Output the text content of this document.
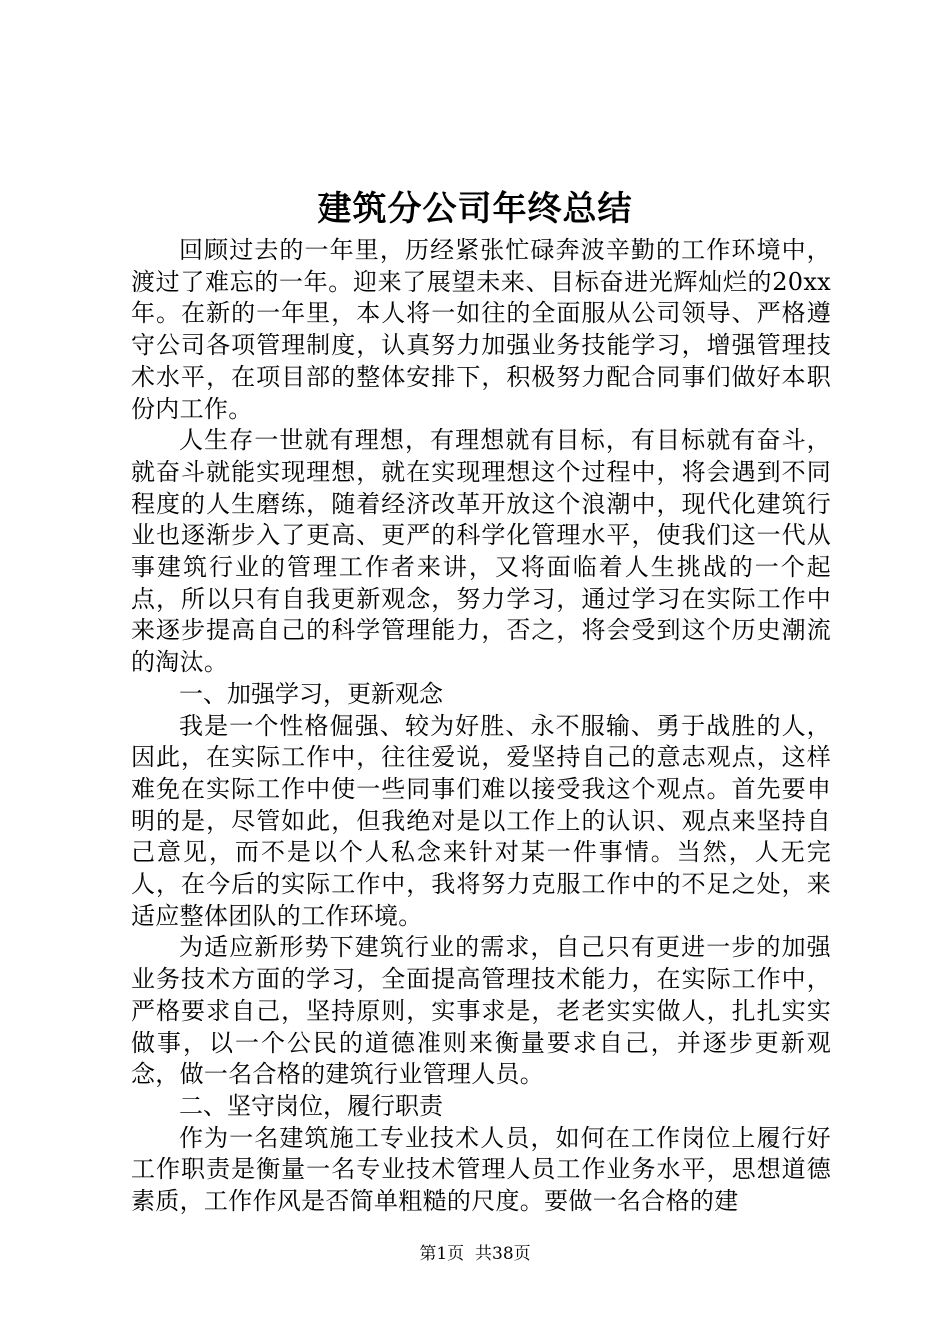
建筑分公司年终总结

回顾过去的一年里，历经紧张忙碌奔波辛勤的工作环境中，渡过了难忘的一年。迎来了展望未来、目标奋进光辉灿烂的20xx年。在新的一年里，本人将一如往的全面服从公司领导、严格遵守公司各项管理制度，认真努力加强业务技能学习，增强管理技术水平，在项目部的整体安排下，积极努力配合同事们做好本职份内工作。

人生存一世就有理想，有理想就有目标，有目标就有奋斗，就奋斗就能实现理想，就在实现理想这个过程中，将会遇到不同程度的人生磨练，随着经济改革开放这个浪潮中，现代化建筑行业也逐渐步入了更高、更严的科学化管理水平，使我们这一代从事建筑行业的管理工作者来讲，又将面临着人生挑战的一个起点，所以只有自我更新观念，努力学习，通过学习在实际工作中来逐步提高自己的科学管理能力，否之，将会受到这个历史潮流的淘汰。

一、加强学习，更新观念

我是一个性格倔强、较为好胜、永不服输、勇于战胜的人，因此，在实际工作中，往往爱说，爱坚持自己的意志观点，这样难免在实际工作中使一些同事们难以接受我这个观点。首先要申明的是，尽管如此，但我绝对是以工作上的认识、观点来坚持自己意见，而不是以个人私念来针对某一件事情。当然，人无完人，在今后的实际工作中，我将努力克服工作中的不足之处，来适应整体团队的工作环境。

为适应新形势下建筑行业的需求，自己只有更进一步的加强业务技术方面的学习，全面提高管理技术能力，在实际工作中，严格要求自己，坚持原则，实事求是，老老实实做人，扎扎实实做事，以一个公民的道德准则来衡量要求自己，并逐步更新观念，做一名合格的建筑行业管理人员。

二、坚守岗位，履行职责

作为一名建筑施工专业技术人员，如何在工作岗位上履行好工作职责是衡量一名专业技术管理人员工作业务水平，思想道德素质，工作作风是否简单粗糙的尺度。要做一名合格的建

第1页 共38页
